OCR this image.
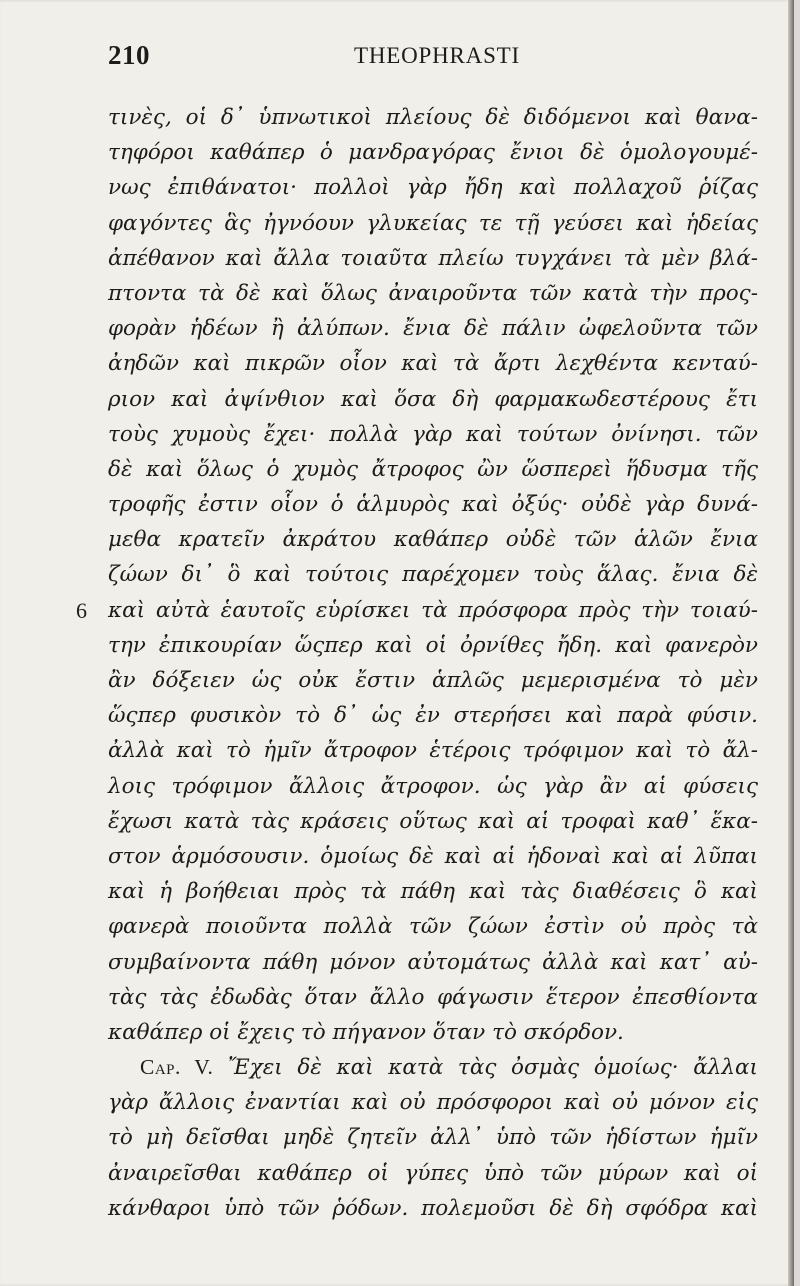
210	THEOPHRASTI
6
τινὲς, οἱ δ᾽ ὑπνωτικοὶ πλείους δὲ διδόμενοι καὶ θανα-
τηφόροι καθάπερ ὁ μανδραγόρας ἔνιοι δὲ ὁμολογουμέ-
νως ἐπιθάνατοι· πολλοὶ γὰρ ἤδη καὶ πολλαχοῦ ῥίζας
φαγόντες ἃς ἠγνόουν γλυκείας τε τῇ γεύσει καὶ ἡδείας
ἀπέθανον καὶ ἄλλα τοιαῦτα πλείω τυγχάνει τὰ μὲν βλά-
πτοντα τὰ δὲ καὶ ὅλως ἀναιροῦντα τῶν κατὰ τὴν προς-
φορὰν ἡδέων ἢ ἀλύπων. ἔνια δὲ πάλιν ὠφελοῦντα τῶν
ἀηδῶν καὶ πικρῶν οἷον καὶ τὰ ἄρτι λεχθέντα κενταύ-
ριον καὶ ἀψίνθιον καὶ ὅσα δὴ φαρμακωδεστέρους ἔτι
τοὺς χυμοὺς ἔχει· πολλὰ γὰρ καὶ τούτων ὀνίνησι. τῶν
δὲ καὶ ὅλως ὁ χυμὸς ἄτροφος ὢν ὥσπερεὶ ἥδυσμα τῆς
τροφῆς ἐστιν οἷον ὁ ἁλμυρὸς καὶ ὀξύς· οὐδὲ γὰρ δυνά-
μεθα κρατεῖν ἀκράτου καθάπερ οὐδὲ τῶν ἁλῶν ἔνια
ζώων δι᾽ ὃ καὶ τούτοις παρέχομεν τοὺς ἅλας. ἔνια δὲ
καὶ αὐτὰ ἑαυτοῖς εὑρίσκει τὰ πρόσφορα πρὸς τὴν τοιαύ-
την ἐπικουρίαν ὥςπερ καὶ οἱ ὀρνίθες ἤδη. καὶ φανερὸν
ἂν δόξειεν ὡς οὐκ ἔστιν ἁπλῶς μεμερισμένα τὸ μὲν
ὥςπερ φυσικὸν τὸ δ᾽ ὡς ἐν στερήσει καὶ παρὰ φύσιν.
ἀλλὰ καὶ τὸ ἡμῖν ἄτροφον ἑτέροις τρόφιμον καὶ τὸ ἄλ-
λοις τρόφιμον ἄλλοις ἄτροφον. ὡς γὰρ ἂν αἱ φύσεις
ἔχωσι κατὰ τὰς κράσεις οὕτως καὶ αἱ τροφαὶ καθ᾽ ἕκα-
στον ἁρμόσουσιν. ὁμοίως δὲ καὶ αἱ ἡδοναὶ καὶ αἱ λῦπαι
καὶ ἡ βοήθειαι πρὸς τὰ πάθη καὶ τὰς διαθέσεις ὃ καὶ
φανερὰ ποιοῦντα πολλὰ τῶν ζώων ἐστὶν οὐ πρὸς τὰ
συμβαίνοντα πάθη μόνον αὐτομάτως ἀλλὰ καὶ κατ᾽ αὐ-
τὰς τὰς ἐδωδὰς ὅταν ἄλλο φάγωσιν ἕτερον ἐπεσθίοντα
καθάπερ οἱ ἔχεις τὸ πήγανον ὅταν τὸ σκόρδον.
Cap. V. Ἔχει δὲ καὶ κατὰ τὰς ὀσμὰς ὁμοίως· ἄλλαι
γὰρ ἄλλοις ἐναντίαι καὶ οὐ πρόσφοροι καὶ οὐ μόνον εἰς
τὸ μὴ δεῖσθαι μηδὲ ζητεῖν ἀλλ᾽ ὑπὸ τῶν ἡδίστων ἡμῖν
ἀναιρεῖσθαι καθάπερ οἱ γύπες ὑπὸ τῶν μύρων καὶ οἱ
κάνθαροι ὑπὸ τῶν ῥόδων. πολεμοῦσι δὲ δὴ σφόδρα καὶ
